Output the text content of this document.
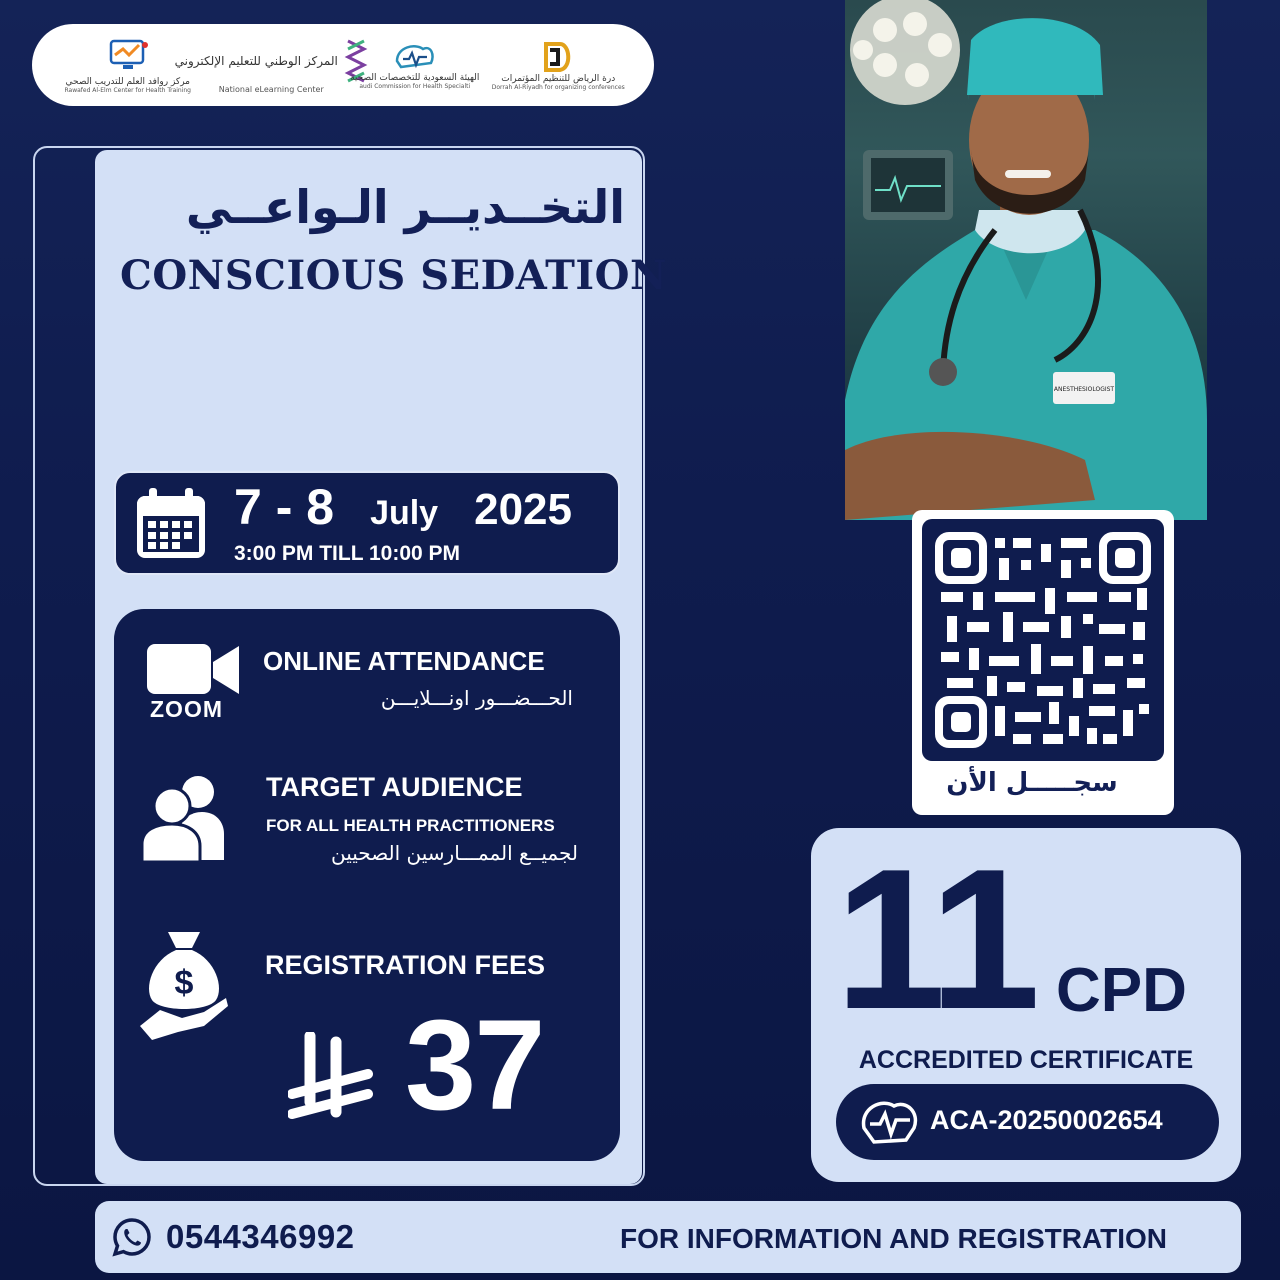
مركز روافد العلم للتدريب الصحي
Rawafed Al-Elm Center for Health Training
المركز الوطني للتعليم الإلكتروني
National eLearning Center
الهيئة السعودية للتخصصات الصحية
audi Commission for Health Specialti
درة الرياض للتنظيم المؤتمرات
Dorrah Al-Riyadh for organizing conferences
التخــديــر الـواعــي
CONSCIOUS SEDATION
7 - 8 July 2025
3:00 PM TILL 10:00 PM
ZOOM
ONLINE ATTENDANCE
الحـــضـــور اونـــلايـــن
TARGET AUDIENCE
FOR ALL HEALTH PRACTITIONERS
لجميــع الممـــارسين الصحيين
$	REGISTRATION FEES
37
ANESTHESIOLOGIST
سجـــــل الأن
11 CPD
ACCREDITED CERTIFICATE
ACA-20250002654
0544346992	FOR INFORMATION AND REGISTRATION
